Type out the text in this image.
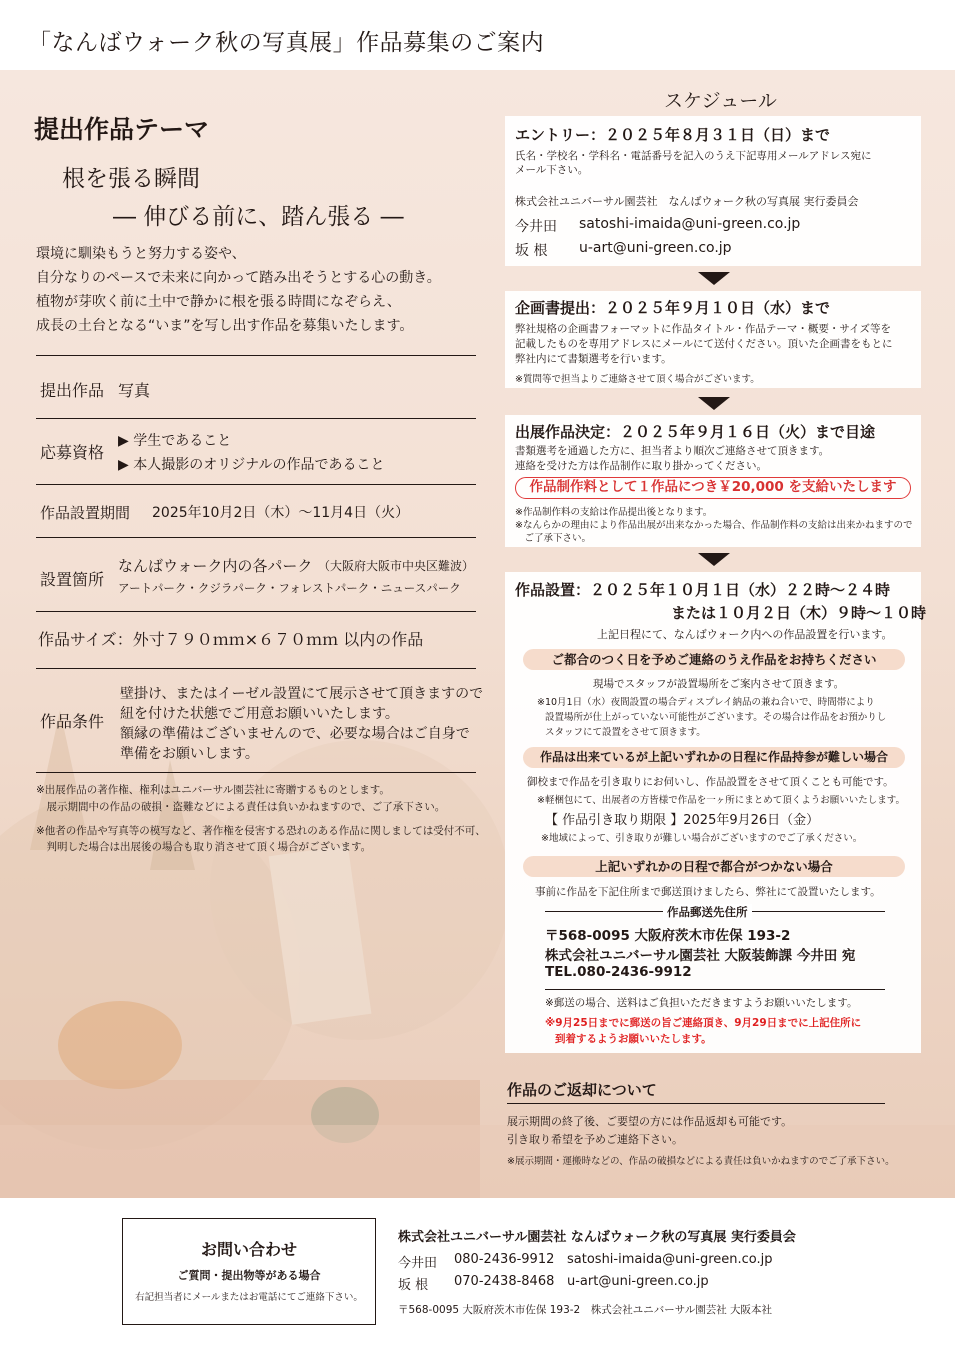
「なんばウォーク秋の写真展」作品募集のご案内
提出作品テーマ
根を張る瞬間
― 伸びる前に、踏ん張る ―
環境に馴染もうと努力する姿や、
自分なりのペースで未来に向かって踏み出そうとする心の動き。
植物が芽吹く前に土中で静かに根を張る時間になぞらえ、
成長の土台となる“いま”を写し出す作品を募集いたします。
提出作品 写真
応募資格
▶ 学生であること
▶ 本人撮影のオリジナルの作品であること
作品設置期間 2025年10月2日（木）～11月4日（火）
設置箇所
なんばウォーク内の各パーク （大阪府大阪市中央区難波）
アートパーク・クジラパーク・フォレストパーク・ニュースパーク
作品サイズ：外寸７９０ｍｍ×６７０ｍｍ 以内の作品
作品条件
壁掛け、またはイーゼル設置にて展示させて頂きますので
紐を付けた状態でご用意お願いいたします。
額縁の準備はございませんので、必要な場合はご自身で
準備をお願いします。
※出展作品の著作権、権利はユニバーサル園芸社に寄贈するものとします。
　展示期間中の作品の破損・盗難などによる責任は負いかねますので、ご了承下さい。
※他者の作品や写真等の模写など、著作権を侵害する恐れのある作品に関しましては受付不可、
　判明した場合は出展後の場合も取り消させて頂く場合がございます。
スケジュール
エントリー：２０２５年８月３１日（日）まで
氏名・学校名・学科名・電話番号を記入のうえ下記専用メールアドレス宛に
メール下さい。
株式会社ユニバーサル園芸社　なんばウォーク秋の写真展 実行委員会
今井田 satoshi-imaida@uni-green.co.jp
坂 根 u-art@uni-green.co.jp
企画書提出：２０２５年９月１０日（水）まで
弊社規格の企画書フォーマットに作品タイトル・作品テーマ・概要・サイズ等を
記載したものを専用アドレスにメールにて送付ください。頂いた企画書をもとに
弊社内にて書類選考を行います。
※質問等で担当よりご連絡させて頂く場合がございます。
出展作品決定：２０２５年９月１６日（火）まで目途
書類選考を通過した方に、担当者より順次ご連絡させて頂きます。
連絡を受けた方は作品制作に取り掛かってください。
作品制作料として１作品につき￥20,000 を支給いたします
※作品制作料の支給は作品提出後となります。
※なんらかの理由により作品出展が出来なかった場合、作品制作料の支給は出来かねますので
　ご了承下さい。
作品設置：２０２５年１０月１日（水）２２時～２４時
または１０月２日（木）９時～１０時
上記日程にて、なんばウォーク内への作品設置を行います。
ご都合のつく日を予めご連絡のうえ作品をお持ちください
現場でスタッフが設置場所をご案内させて頂きます。
※10月1日（水）夜間設置の場合ディスプレイ納品の兼ね合いで、時間帯により
設置場所が仕上がっていない可能性がございます。その場合は作品をお預かりし
スタッフにて設置をさせて頂きます。
作品は出来ているが上記いずれかの日程に作品持参が難しい場合
御校まで作品を引き取りにお伺いし、作品設置をさせて頂くことも可能です。
※軽梱包にて、出展者の方皆様で作品を一ヶ所にまとめて頂くようお願いいたします。
【 作品引き取り期限 】2025年9月26日（金）
※地域によって、引き取りが難しい場合がございますのでご了承ください。
上記いずれかの日程で都合がつかない場合
事前に作品を下記住所まで郵送頂けましたら、弊社にて設置いたします。
作品郵送先住所
〒568-0095 大阪府茨木市佐保 193‐2
株式会社ユニバーサル園芸社 大阪装飾課 今井田 宛
TEL.080-2436-9912
※郵送の場合、送料はご負担いただきますようお願いいたします。
※9月25日までに郵送の旨ご連絡頂き、9月29日までに上記住所に
到着するようお願いいたします。
作品のご返却について
展示期間の終了後、ご要望の方には作品返却も可能です。
引き取り希望を予めご連絡下さい。
※展示期間・運搬時などの、作品の破損などによる責任は負いかねますのでご了承下さい。
お問い合わせ
ご質問・提出物等がある場合
右記担当者にメールまたはお電話にてご連絡下さい。
株式会社ユニバーサル園芸社 なんばウォーク秋の写真展 実行委員会
今井田 080-2436-9912 satoshi-imaida@uni-green.co.jp
坂 根 070-2438-8468 u-art@uni-green.co.jp
〒568-0095 大阪府茨木市佐保 193‐2　株式会社ユニバーサル園芸社 大阪本社
